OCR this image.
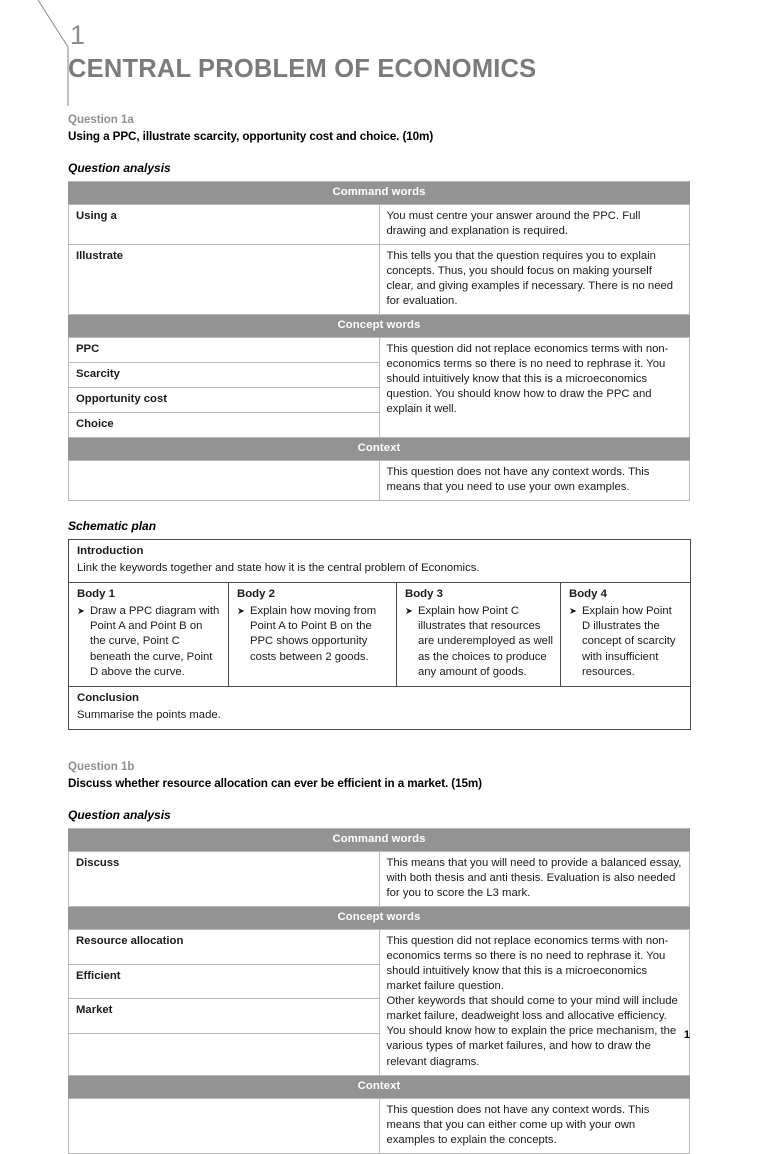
1
CENTRAL PROBLEM OF ECONOMICS
Question 1a
Using a PPC, illustrate scarcity, opportunity cost and choice. (10m)
Question analysis
Command words	
Using a	You must centre your answer around the PPC. Full drawing and explanation is required.
Illustrate	This tells you that the question requires you to explain concepts. Thus, you should focus on making yourself clear, and giving examples if necessary. There is no need for evaluation.
Concept words	
PPC	This question did not replace economics terms with non-economics terms so there is no need to rephrase it. You should intuitively know that this is a microeconomics question. You should know how to draw the PPC and explain it well.
Scarcity	
Opportunity cost	
Choice	
Context	
	This question does not have any context words. This means that you need to use your own examples.
Schematic plan
Introduction
Link the keywords together and state how it is the central problem of Economics.

Body 1
➤ Draw a PPC diagram with Point A and Point B on the curve, Point C beneath the curve, Point D above the curve.

Body 2
➤ Explain how moving from Point A to Point B on the PPC shows opportunity costs between 2 goods.

Body 3
➤ Explain how Point C illustrates that resources are underemployed as well as the choices to produce any amount of goods.

Body 4
➤ Explain how Point D illustrates the concept of scarcity with insufficient resources.

Conclusion
Summarise the points made.
Question 1b
Discuss whether resource allocation can ever be efficient in a market. (15m)
Question analysis
Command words	
Discuss	This means that you will need to provide a balanced essay, with both thesis and anti thesis. Evaluation is also needed for you to score the L3 mark.
Concept words	
Resource allocation	This question did not replace economics terms with non-economics terms so there is no need to rephrase it. You should intuitively know that this is a microeconomics market failure question.

Other keywords that should come to your mind will include market failure, deadweight loss and allocative efficiency.

You should know how to explain the price mechanism, the various types of market failures, and how to draw the relevant diagrams.

Efficient	
Market	

Context	
	This question does not have any context words. This means that you can either come up with your own examples to explain the concepts.
1
